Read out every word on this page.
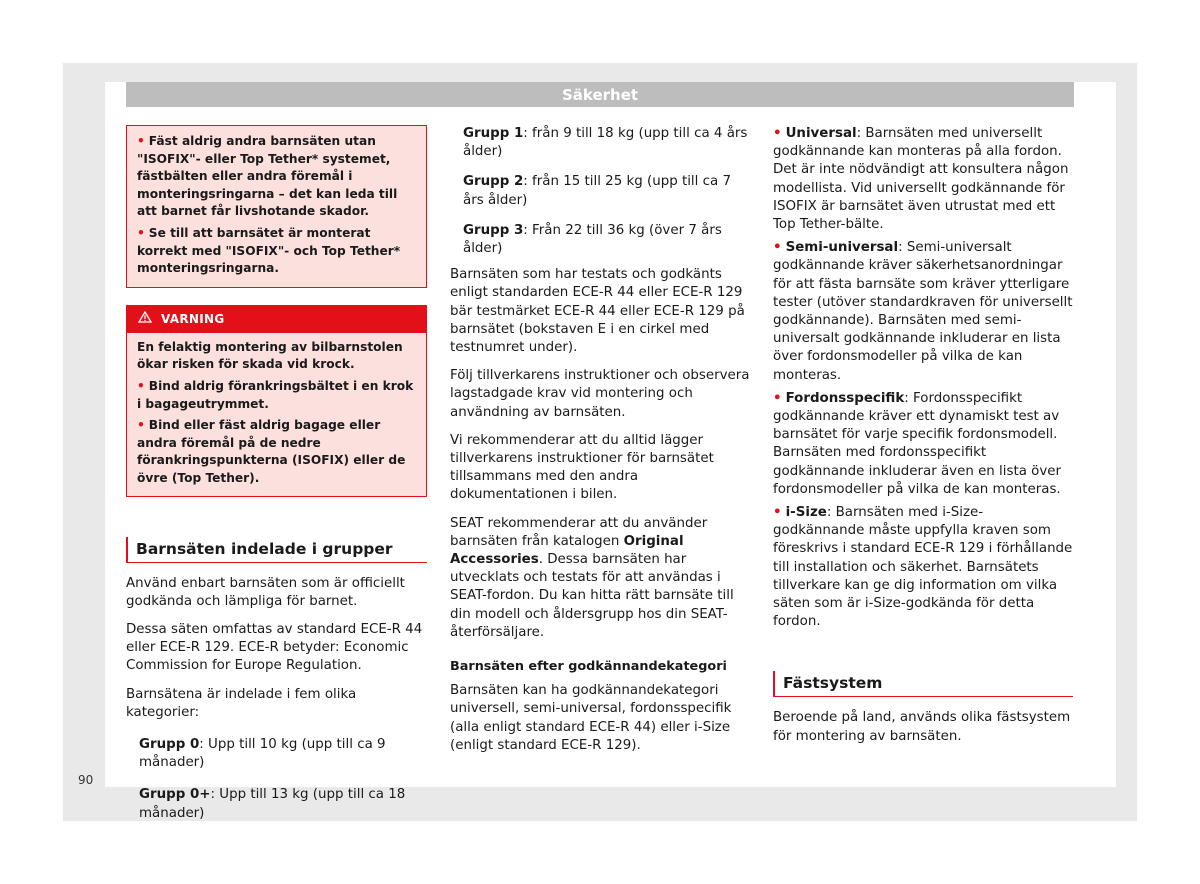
Säkerhet

• Fäst aldrig andra barnsäten utan "ISOFIX"- eller Top Tether* systemet, fästbälten eller andra föremål i monteringsringarna – det kan leda till att barnet får livshotande skador.

• Se till att barnsätet är monterat korrekt med "ISOFIX"- och Top Tether* monteringsringarna.

VARNING

En felaktig montering av bilbarnstolen ökar risken för skada vid krock.

• Bind aldrig förankringsbältet i en krok i bagageutrymmet.

• Bind eller fäst aldrig bagage eller andra föremål på de nedre förankringspunkterna (ISOFIX) eller de övre (Top Tether).

Barnsäten indelade i grupper

Använd enbart barnsäten som är officiellt godkända och lämpliga för barnet.

Dessa säten omfattas av standard ECE-R 44 eller ECE-R 129. ECE-R betyder: Economic Commission for Europe Regulation.

Barnsätena är indelade i fem olika kategorier:

Grupp 0: Upp till 10 kg (upp till ca 9 månader)

Grupp 0+: Upp till 13 kg (upp till ca 18 månader)

Grupp 1: från 9 till 18 kg (upp till ca 4 års ålder)

Grupp 2: från 15 till 25 kg (upp till ca 7 års ålder)

Grupp 3: Från 22 till 36 kg (över 7 års ålder)

Barnsäten som har testats och godkänts enligt standarden ECE-R 44 eller ECE-R 129 bär testmärket ECE-R 44 eller ECE-R 129 på barnsätet (bokstaven E i en cirkel med testnumret under).

Följ tillverkarens instruktioner och observera lagstadgade krav vid montering och användning av barnsäten.

Vi rekommenderar att du alltid lägger tillverkarens instruktioner för barnsätet tillsammans med den andra dokumentationen i bilen.

SEAT rekommenderar att du använder barnsäten från katalogen Original Accessories. Dessa barnsäten har utvecklats och testats för att användas i SEAT-fordon. Du kan hitta rätt barnsäte till din modell och åldersgrupp hos din SEAT-återförsäljare.

Barnsäten efter godkännandekategori

Barnsäten kan ha godkännandekategori universell, semi-universal, fordonsspecifik (alla enligt standard ECE-R 44) eller i-Size (enligt standard ECE-R 129).

• Universal: Barnsäten med universellt godkännande kan monteras på alla fordon. Det är inte nödvändigt att konsultera någon modellista. Vid universellt godkännande för ISOFIX är barnsätet även utrustat med ett Top Tether-bälte.

• Semi-universal: Semi-universalt godkännande kräver säkerhetsanordningar för att fästa barnsäte som kräver ytterligare tester (utöver standardkraven för universellt godkännande). Barnsäten med semi-universalt godkännande inkluderar en lista över fordonsmodeller på vilka de kan monteras.

• Fordonsspecifik: Fordonsspecifikt godkännande kräver ett dynamiskt test av barnsätet för varje specifik fordonsmodell. Barnsäten med fordonsspecifikt godkännande inkluderar även en lista över fordonsmodeller på vilka de kan monteras.

• i-Size: Barnsäten med i-Size-godkännande måste uppfylla kraven som föreskrivs i standard ECE-R 129 i förhållande till installation och säkerhet. Barnsätets tillverkare kan ge dig information om vilka säten som är i-Size-godkända för detta fordon.

Fästsystem

Beroende på land, används olika fästsystem för montering av barnsäten.

90
